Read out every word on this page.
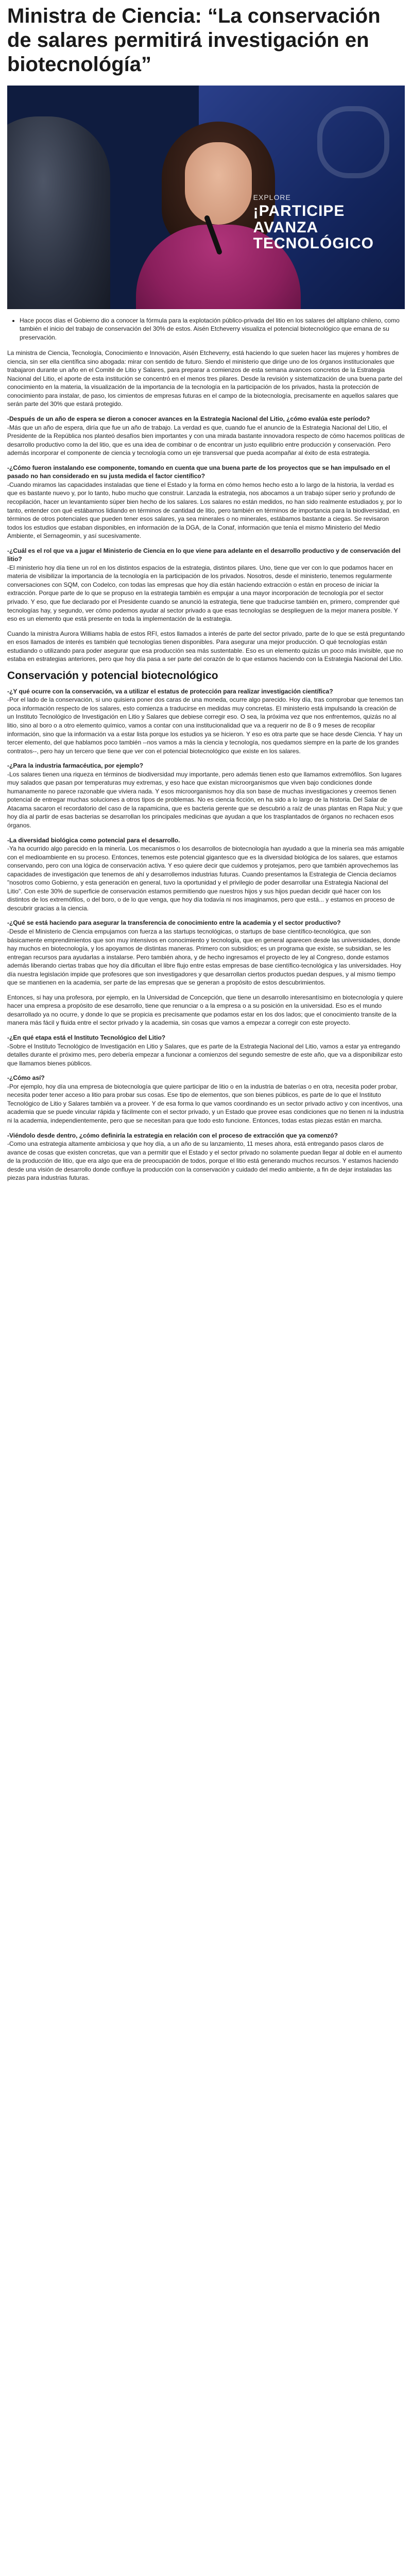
Ministra de Ciencia: “La conservación de salares permitirá investigación en biotecnológía”
EXPLORE
¡PARTICIPE
AVANZA
TECNOLÓGICO
• Hace pocos días el Gobierno dio a conocer la fórmula para la explotación público-privada del litio en los salares del altiplano chileno, como también el inicio del trabajo de conservación del 30% de estos. Aisén Etcheverry visualiza el potencial biotecnológico que emana de su preservación.

La ministra de Ciencia, Tecnología, Conocimiento e Innovación, Aisén Etcheverry, está haciendo lo que suelen hacer las mujeres y hombres de ciencia, sin ser ella científica sino abogada: mirar con sentido de futuro. Siendo el ministerio que dirige uno de los órganos institucionales que trabajaron durante un año en el Comité de Litio y Salares, para preparar a comienzos de esta semana avances concretos de la Estrategia Nacional del Litio, el aporte de esta institución se concentró en el menos tres pilares. Desde la revisión y sistematización de una buena parte del conocimiento en la materia, la visualización de la importancia de la tecnología en la participación de los privados, hasta la protección de conocimiento para instalar, de paso, los cimientos de empresas futuras en el campo de la biotecnología, precisamente en aquellos salares que serán parte del 30% que estará protegido.

-Después de un año de espera se dieron a conocer avances en la Estrategia Nacional del Litio, ¿cómo evalúa este período?

-Más que un año de espera, diría que fue un año de trabajo. La verdad es que, cuando fue el anuncio de la Estrategia Nacional del Litio, el Presidente de la República nos planteó desafíos bien importantes y con una mirada bastante innovadora respecto de cómo hacemos políticas de desarrollo productivo como la del litio, que es una idea de combinar o de encontrar un justo equilibrio entre producción y conservación. Pero además incorporar el componente de ciencia y tecnología como un eje transversal que pueda acompañar al éxito de esta estrategia.

-¿Cómo fueron instalando ese componente, tomando en cuenta que una buena parte de los proyectos que se han impulsado en el pasado no han considerado en su justa medida el factor científico?

-Cuando miramos las capacidades instaladas que tiene el Estado y la forma en cómo hemos hecho esto a lo largo de la historia, la verdad es que es bastante nuevo y, por lo tanto, hubo mucho que construir. Lanzada la estrategia, nos abocamos a un trabajo súper serio y profundo de recopilación, hacer un levantamiento súper bien hecho de los salares. Los salares no están medidos, no han sido realmente estudiados y, por lo tanto, entender con qué estábamos lidiando en términos de cantidad de litio, pero también en términos de importancia para la biodiversidad, en términos de otros potenciales que pueden tener esos salares, ya sea minerales o no minerales, estábamos bastante a ciegas. Se revisaron todos los estudios que estaban disponibles, en información de la DGA, de la Conaf, información que tenía el mismo Ministerio del Medio Ambiente, el Sernageomin, y así sucesivamente.

-¿Cuál es el rol que va a jugar el Ministerio de Ciencia en lo que viene para adelante en el desarrollo productivo y de conservación del litio?

-El ministerio hoy día tiene un rol en los distintos espacios de la estrategia, distintos pilares. Uno, tiene que ver con lo que podamos hacer en materia de visibilizar la importancia de la tecnología en la participación de los privados. Nosotros, desde el ministerio, tenemos regularmente conversaciones con SQM, con Codelco, con todas las empresas que hoy día están haciendo extracción o están en proceso de iniciar la extracción. Porque parte de lo que se propuso en la estrategia también es empujar a una mayor incorporación de tecnología por el sector privado. Y eso, que fue declarado por el Presidente cuando se anunció la estrategia, tiene que traducirse también en, primero, comprender qué tecnologías hay, y segundo, ver cómo podemos ayudar al sector privado a que esas tecnologías se desplieguen de la mejor manera posible. Y eso es un elemento que está presente en toda la implementación de la estrategia.

Cuando la ministra Aurora Williams habla de estos RFI, estos llamados a interés de parte del sector privado, parte de lo que se está preguntando en esos llamados de interés es también qué tecnologías tienen disponibles. Para asegurar una mejor producción. O qué tecnologías están estudiando o utilizando para poder asegurar que esa producción sea más sustentable. Eso es un elemento quizás un poco más invisible, que no estaba en estrategias anteriores, pero que hoy día pasa a ser parte del corazón de lo que estamos haciendo con la Estrategia Nacional del Litio.

Conservación y potencial biotecnológico

-¿Y qué ocurre con la conservación, va a utilizar el estatus de protección para realizar investigación científica?

-Por el lado de la conservación, si uno quisiera poner dos caras de una moneda, ocurre algo parecido. Hoy día, tras comprobar que tenemos tan poca información respecto de los salares, esto comienza a traducirse en medidas muy concretas. El ministerio está impulsando la creación de un Instituto Tecnológico de Investigación en Litio y Salares que debiese corregir eso. O sea, la próxima vez que nos enfrentemos, quizás no al litio, sino al boro o a otro elemento químico, vamos a contar con una institucionalidad que va a requerir no de 8 o 9 meses de recopilar información, sino que la información va a estar lista porque los estudios ya se hicieron. Y eso es otra parte que se hace desde Ciencia. Y hay un tercer elemento, del que hablamos poco también --nos vamos a más la ciencia y tecnología, nos quedamos siempre en la parte de los grandes contratos--, pero hay un tercero que tiene que ver con el potencial biotecnológico que existe en los salares.

-¿Para la industria farmacéutica, por ejemplo?

-Los salares tienen una riqueza en términos de biodiversidad muy importante, pero además tienen esto que llamamos extremófilos. Son lugares muy salados que pasan por temperaturas muy extremas, y eso hace que existan microorganismos que viven bajo condiciones donde humanamente no parece razonable que viviera nada. Y esos microorganismos hoy día son base de muchas investigaciones y creemos tienen potencial de entregar muchas soluciones a otros tipos de problemas. No es ciencia ficción, en ha sido a lo largo de la historia. Del Salar de Atacama sacaron el recordatorio del caso de la rapamicina, que es bacteria gerente que se descubrió a raíz de unas plantas en Rapa Nui; y que hoy día al partir de esas bacterias se desarrollan los principales medicinas que ayudan a que los trasplantados de órganos no rechacen esos órganos.

-La diversidad biológica como potencial para el desarrollo.

-Ya ha ocurrido algo parecido en la minería. Los mecanismos o los desarrollos de biotecnología han ayudado a que la minería sea más amigable con el medioambiente en su proceso. Entonces, tenemos este potencial gigantesco que es la diversidad biológica de los salares, que estamos conservando, pero con una lógica de conservación activa. Y eso quiere decir que cuidemos y protejamos, pero que también aprovechemos las capacidades de investigación que tenemos de ahí y desarrollemos industrias futuras. Cuando presentamos la Estrategia de Ciencia decíamos "nosotros como Gobierno, y esta generación en general, tuvo la oportunidad y el privilegio de poder desarrollar una Estrategia Nacional del Litio". Con este 30% de superficie de conservación estamos permitiendo que nuestros hijos y sus hijos puedan decidir qué hacer con los distintos de los extremófilos, o del boro, o de lo que venga, que hoy día todavía ni nos imaginamos, pero que está... y estamos en proceso de descubrir gracias a la ciencia.

-¿Qué se está haciendo para asegurar la transferencia de conocimiento entre la academia y el sector productivo?

-Desde el Ministerio de Ciencia empujamos con fuerza a las startups tecnológicas, o startups de base científico-tecnológica, que son básicamente emprendimientos que son muy intensivos en conocimiento y tecnología, que en general aparecen desde las universidades, donde hay muchos en biotecnología, y los apoyamos de distintas maneras. Primero con subsidios; es un programa que existe, se subsidian, se les entregan recursos para ayudarlas a instalarse. Pero también ahora, y de hecho ingresamos el proyecto de ley al Congreso, donde estamos además liberando ciertas trabas que hoy día dificultan el libre flujo entre estas empresas de base científico-tecnológica y las universidades. Hoy día nuestra legislación impide que profesores que son investigadores y que desarrollan ciertos productos puedan despues, y al mismo tiempo que se mantienen en la academia, ser parte de las empresas que se generan a propósito de estos descubrimientos.

Entonces, si hay una profesora, por ejemplo, en la Universidad de Concepción, que tiene un desarrollo interesantísimo en biotecnología y quiere hacer una empresa a propósito de ese desarrollo, tiene que renunciar o a la empresa o a su posición en la universidad. Eso es el mundo desarrollado ya no ocurre, y donde lo que se propicia es precisamente que podamos estar en los dos lados; que el conocimiento transite de la manera más fácil y fluida entre el sector privado y la academia, sin cosas que vamos a empezar a corregir con este proyecto.

-¿En qué etapa está el Instituto Tecnológico del Litio?

-Sobre el Instituto Tecnológico de Investigación en Litio y Salares, que es parte de la Estrategia Nacional del Litio, vamos a estar ya entregando detalles durante el próximo mes, pero debería empezar a funcionar a comienzos del segundo semestre de este año, que va a disponibilizar esto que llamamos bienes públicos.

-¿Cómo así?

-Por ejemplo, hoy día una empresa de biotecnología que quiere participar de litio o en la industria de baterías o en otra, necesita poder probar, necesita poder tener acceso a litio para probar sus cosas. Ese tipo de elementos, que son bienes públicos, es parte de lo que el Instituto Tecnológico de Litio y Salares también va a proveer. Y de esa forma lo que vamos coordinando es un sector privado activo y con incentivos, una academia que se puede vincular rápida y fácilmente con el sector privado, y un Estado que provee esas condiciones que no tienen ni la industria ni la academia, independientemente, pero que se necesitan para que todo esto funcione. Entonces, todas estas piezas están en marcha.

-Viéndolo desde dentro, ¿cómo definiría la estrategia en relación con el proceso de extracción que ya comenzó?

-Como una estrategia altamente ambiciosa y que hoy día, a un año de su lanzamiento, 11 meses ahora, está entregando pasos claros de avance de cosas que existen concretas, que van a permitir que el Estado y el sector privado no solamente puedan llegar al doble en el aumento de la producción de litio, que era algo que era de preocupación de todos, porque el litio está generando muchos recursos. Y estamos haciendo desde una visión de desarrollo donde confluye la producción con la conservación y cuidado del medio ambiente, a fin de dejar instaladas las piezas para industrias futuras.
